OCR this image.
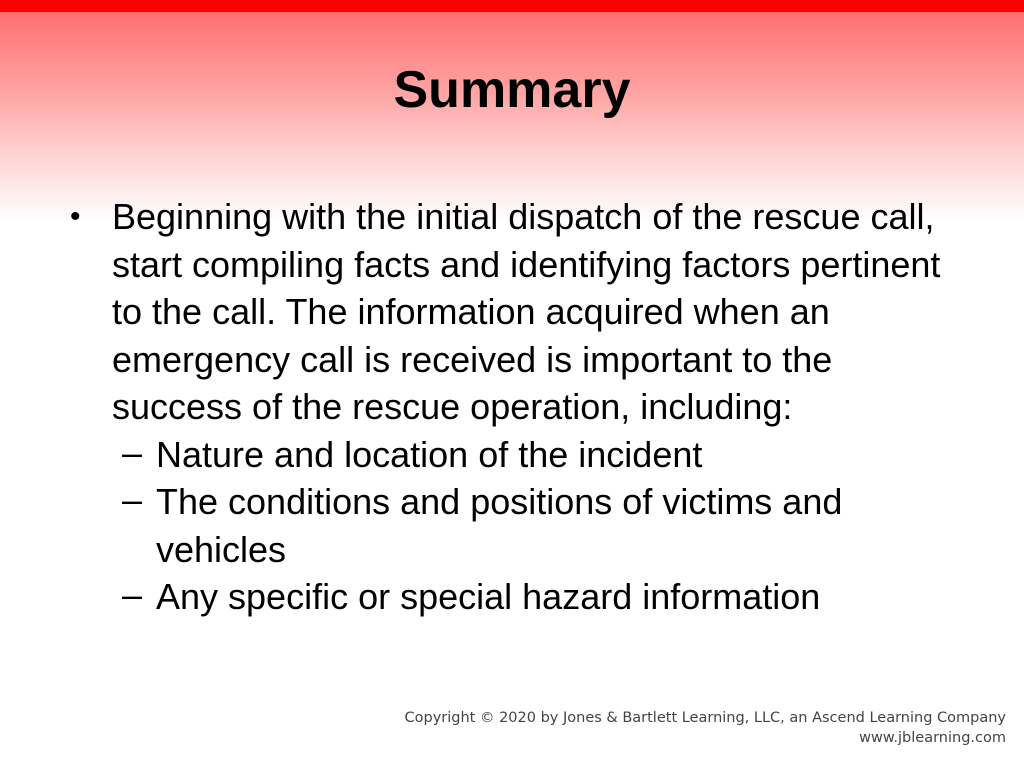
Summary
• Beginning with the initial dispatch of the rescue call, start compiling facts and identifying factors pertinent to the call. The information acquired when an emergency call is received is important to the success of the rescue operation, including:
– Nature and location of the incident
– The conditions and positions of victims and vehicles
– Any specific or special hazard information
Copyright © 2020 by Jones & Bartlett Learning, LLC, an Ascend Learning Company
www.jblearning.com
